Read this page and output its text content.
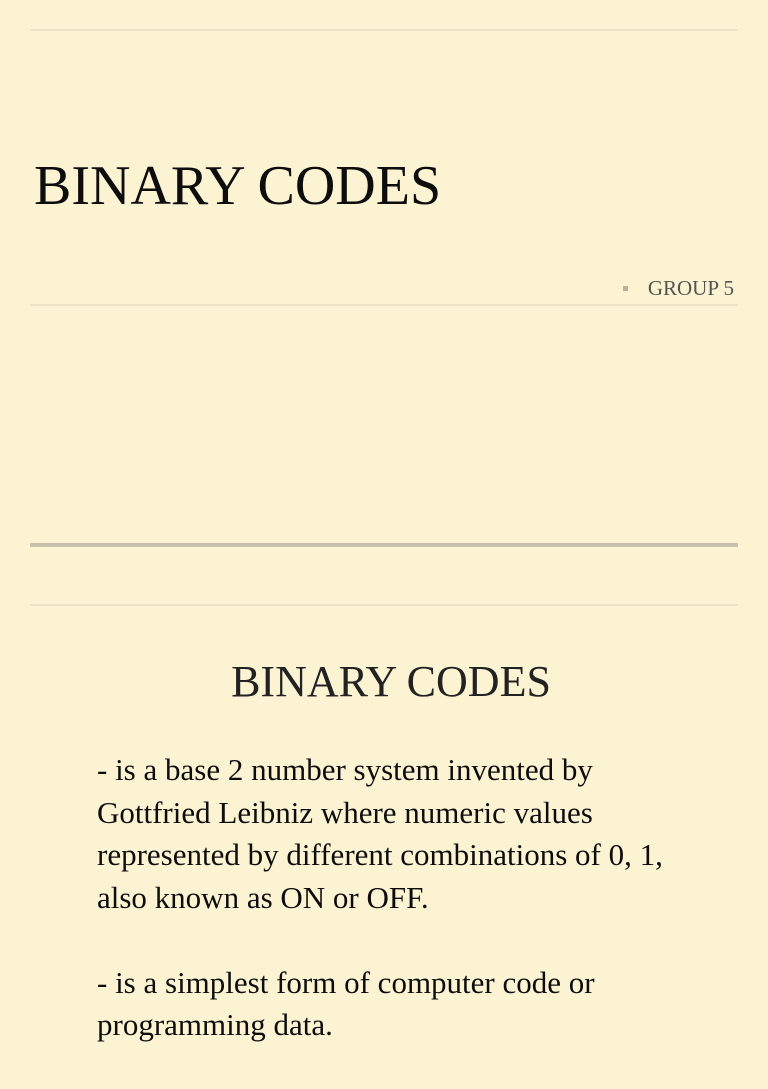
BINARY CODES
GROUP 5
BINARY CODES

- is a base 2 number system invented by Gottfried Leibniz where numeric values represented by different combinations of 0, 1, also known as ON or OFF.

- is a simplest form of computer code or programming data.
